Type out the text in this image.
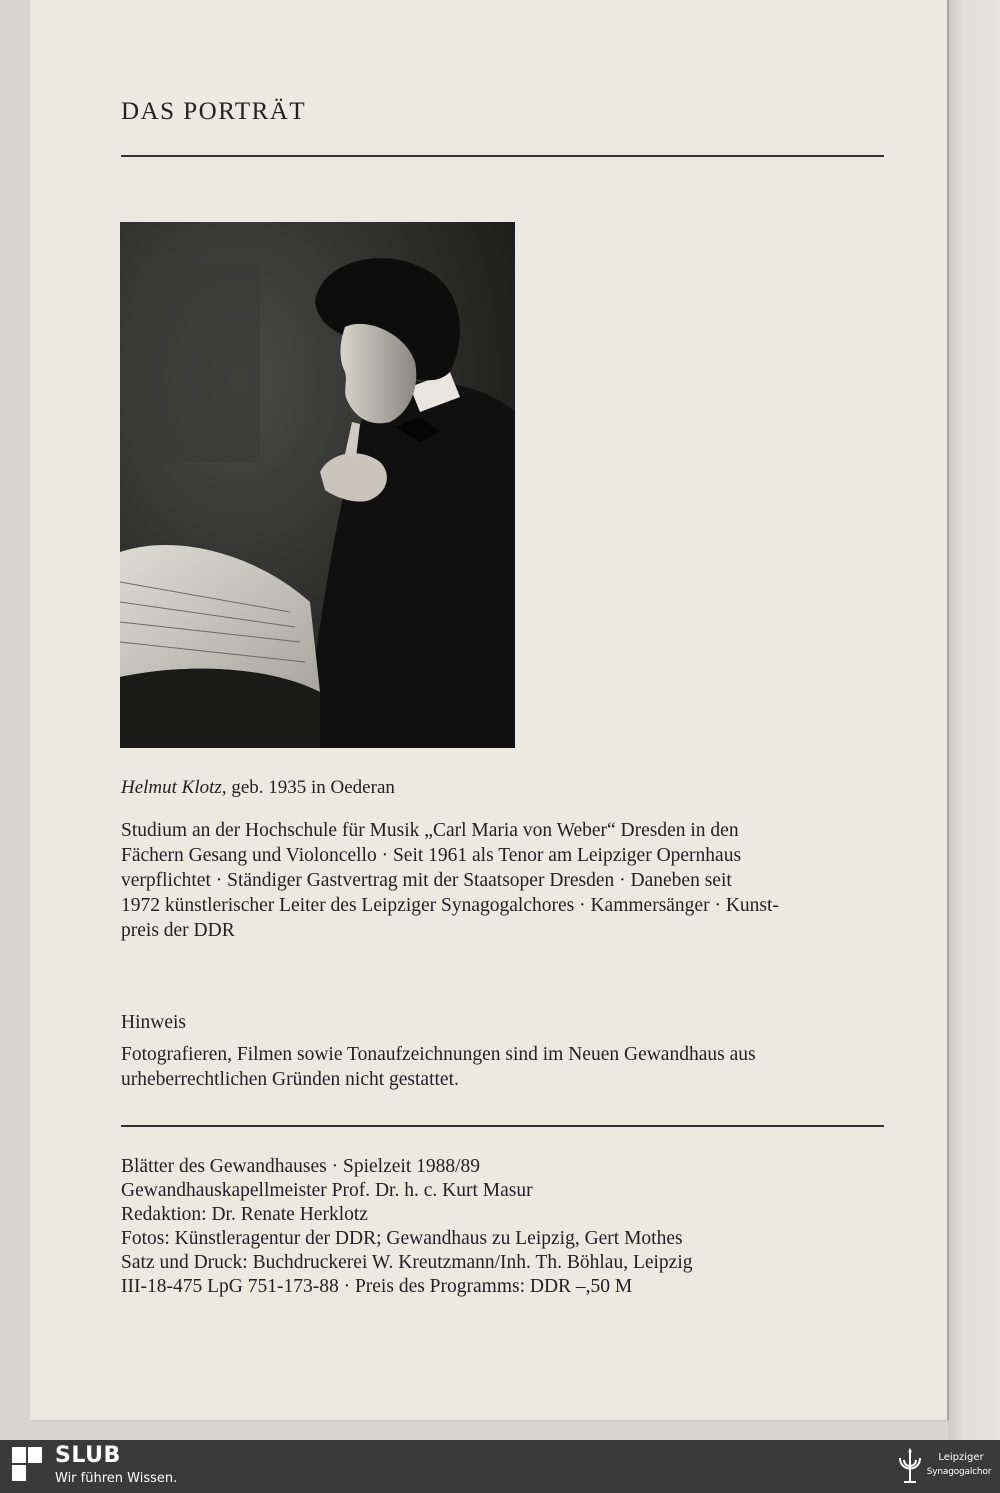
DAS PORTRÄT
Helmut Klotz, geb. 1935 in Oederan

Studium an der Hochschule für Musik „Carl Maria von Weber“ Dresden in den

Fächern Gesang und Violoncello · Seit 1961 als Tenor am Leipziger Opernhaus

verpflichtet · Ständiger Gastvertrag mit der Staatsoper Dresden · Daneben seit

1972 künstlerischer Leiter des Leipziger Synagogalchores · Kammersänger · Kunst-

preis der DDR

Hinweis

Fotografieren, Filmen sowie Tonaufzeichnungen sind im Neuen Gewandhaus aus

urheberrechtlichen Gründen nicht gestattet.

Blätter des Gewandhauses · Spielzeit 1988/89
Gewandhauskapellmeister Prof. Dr. h. c. Kurt Masur
Redaktion: Dr. Renate Herklotz
Fotos: Künstleragentur der DDR; Gewandhaus zu Leipzig, Gert Mothes
Satz und Druck: Buchdruckerei W. Kreutzmann/Inh. Th. Böhlau, Leipzig
III-18-475 LpG 751-173-88 · Preis des Programms: DDR –,50 M
SLUB
Wir führen Wissen.
Leipziger
Synagogalchor
